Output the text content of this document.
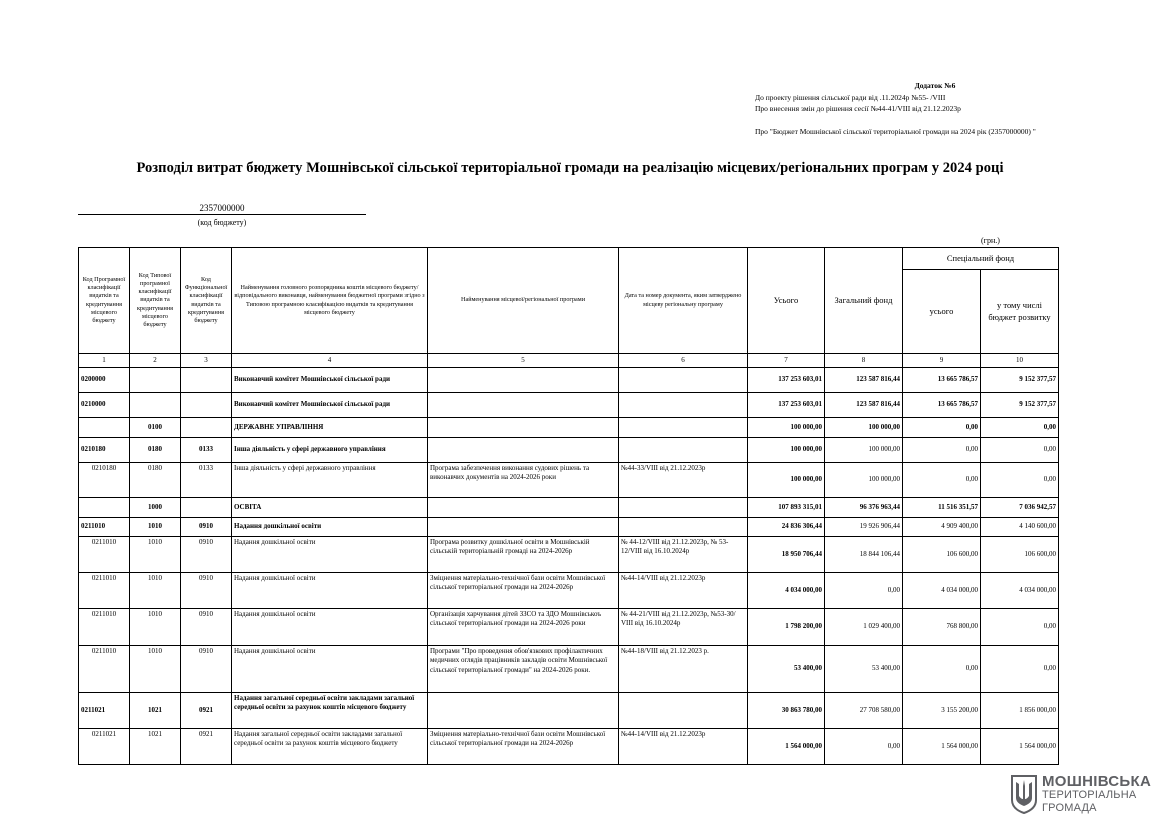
Додаток №6
До проекту рішення сільської ради від .11.2024р №55- /VIII
Про внесення змін до рішення сесії №44-41/VIII від 21.12.2023р
Про "Бюджет Мошнівської сільської територіальної громади на 2024 рік (2357000000) "
Розподіл витрат бюджету Мошнівської сільської територіальної громади на реалізацію місцевих/регіональних програм у 2024 році
2357000000
(код бюджету)
(грн.)
Код Програмної класифікації видатків та кредитування місцевого бюджету	Код Типової програмної класифікації видатків та кредитування місцевого бюджету	Код Функціональної класифікації видатків та кредитування бюджету	Найменування головного розпорядника коштів місцевого бюджету/ відповідального виконавця, найменування бюджетної програми згідно з Типовою програмною класифікацією видатків та кредитування місцевого бюджету	Найменування місцевої/регіональної програми	Дата та номер документа, яким затверджено місцеву регіональну програму	Усього	Загальний фонд	Спеціальний фонд	
								усього	у тому числі бюджет розвитку
1	2	3	4	5	6	7	8	9	10
0200000			Виконавчий комітет Мошнівської сільської ради			137 253 603,01	123 587 816,44	13 665 786,57	9 152 377,57
0210000			Виконавчий комітет Мошнівської сільської ради			137 253 603,01	123 587 816,44	13 665 786,57	9 152 377,57
	0100		ДЕРЖАВНЕ УПРАВЛІННЯ			100 000,00	100 000,00	0,00	0,00
0210180	0180	0133	Інша діяльність у сфері державного управління			100 000,00	100 000,00	0,00	0,00
0210180	0180	0133	Інша діяльність у сфері державного управління	Програма забезпечення виконання судових рішень та виконавчих документів на 2024-2026 роки	№44-33/VIII від 21.12.2023р	100 000,00	100 000,00	0,00	0,00
	1000		ОСВІТА			107 893 315,01	96 376 963,44	11 516 351,57	7 036 942,57
0211010	1010	0910	Надання дошкільної освіти			24 836 306,44	19 926 906,44	4 909 400,00	4 140 600,00
0211010	1010	0910	Надання дошкільної освіти	Програма розвитку дошкільної освіти в Мошнівській сільській територіальній громаді на 2024-2026р	№ 44-12/VIII від 21.12.2023р, № 53-12/VIII від 16.10.2024р	18 950 706,44	18 844 106,44	106 600,00	106 600,00
0211010	1010	0910	Надання дошкільної освіти	Зміцнення матеріально-технічної бази освіти Мошнівської сільської територіальної громади на 2024-2026р	№44-14/VIII від 21.12.2023р	4 034 000,00	0,00	4 034 000,00	4 034 000,00
0211010	1010	0910	Надання дошкільної освіти	Організація харчування дітей ЗЗСО та ЗДО Мошнівськоъ сільської територіальної громади на 2024-2026 роки	№ 44-21/VIII від 21.12.2023р, №53-30/ VIII від 16.10.2024р	1 798 200,00	1 029 400,00	768 800,00	0,00
0211010	1010	0910	Надання дошкільної освіти	Програми "Про проведення обов'язкових профілактичних медичних оглядів працівників закладів освіти Мошнівської сільської територіальної громади" на 2024-2026 роки.	№44-18/VIII від 21.12.2023 р.	53 400,00	53 400,00	0,00	0,00
0211021	1021	0921	Надання загальної середньої освіти закладами загальної середньої освіти за рахунок коштів місцевого бюджету			30 863 780,00	27 708 580,00	3 155 200,00	1 856 000,00
0211021	1021	0921	Надання загальної середньої освіти закладами загальної середньої освіти за рахунок коштів місцевого бюджету	Зміцнення матеріально-технічної бази освіти Мошнівської сільської територіальної громади на 2024-2026р	№44-14/VIII від 21.12.2023р	1 564 000,00	0,00	1 564 000,00	1 564 000,00
МОШНІВСЬКА
ТЕРИТОРІАЛЬНА
ГРОМАДА
